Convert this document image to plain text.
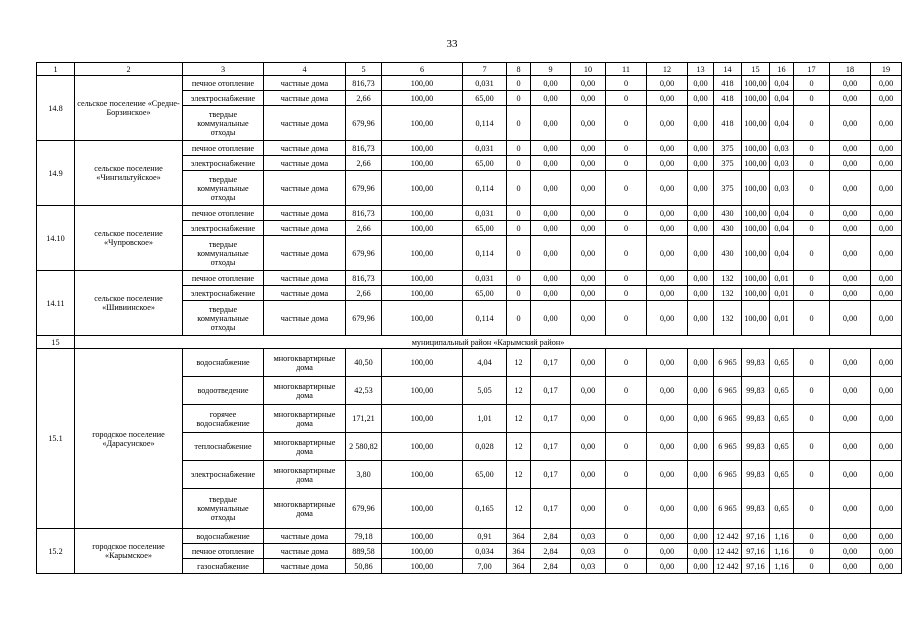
33
1	2	3	4	5	6	7	8	9	10	11	12	13	14	15	16	17	18	19
14.8	сельское поселение «Средне-Борзинское»	печное отопление	частные дома	816,73	100,00	0,031	0	0,00	0,00	0	0,00	0,00	418	100,00	0,04	0	0,00	0,00
		электроснабжение	частные дома	2,66	100,00	65,00	0	0,00	0,00	0	0,00	0,00	418	100,00	0,04	0	0,00	0,00
		твердые коммунальные отходы	частные дома	679,96	100,00	0,114	0	0,00	0,00	0	0,00	0,00	418	100,00	0,04	0	0,00	0,00
14.9	сельское поселение «Чингильтуйское»	печное отопление	частные дома	816,73	100,00	0,031	0	0,00	0,00	0	0,00	0,00	375	100,00	0,03	0	0,00	0,00
		электроснабжение	частные дома	2,66	100,00	65,00	0	0,00	0,00	0	0,00	0,00	375	100,00	0,03	0	0,00	0,00
		твердые коммунальные отходы	частные дома	679,96	100,00	0,114	0	0,00	0,00	0	0,00	0,00	375	100,00	0,03	0	0,00	0,00
14.10	сельское поселение «Чупровское»	печное отопление	частные дома	816,73	100,00	0,031	0	0,00	0,00	0	0,00	0,00	430	100,00	0,04	0	0,00	0,00
		электроснабжение	частные дома	2,66	100,00	65,00	0	0,00	0,00	0	0,00	0,00	430	100,00	0,04	0	0,00	0,00
		твердые коммунальные отходы	частные дома	679,96	100,00	0,114	0	0,00	0,00	0	0,00	0,00	430	100,00	0,04	0	0,00	0,00
14.11	сельское поселение «Шивиинское»	печное отопление	частные дома	816,73	100,00	0,031	0	0,00	0,00	0	0,00	0,00	132	100,00	0,01	0	0,00	0,00
		электроснабжение	частные дома	2,66	100,00	65,00	0	0,00	0,00	0	0,00	0,00	132	100,00	0,01	0	0,00	0,00
		твердые коммунальные отходы	частные дома	679,96	100,00	0,114	0	0,00	0,00	0	0,00	0,00	132	100,00	0,01	0	0,00	0,00
15	муниципальный район «Карымский район»																	
15.1	городское поселение «Дарасунское»	водоснабжение	многоквартирные дома	40,50	100,00	4,04	12	0,17	0,00	0	0,00	0,00	6 965	99,83	0,65	0	0,00	0,00
		водоотведение	многоквартирные дома	42,53	100,00	5,05	12	0,17	0,00	0	0,00	0,00	6 965	99,83	0,65	0	0,00	0,00
		горячее водоснабжение	многоквартирные дома	171,21	100,00	1,01	12	0,17	0,00	0	0,00	0,00	6 965	99,83	0,65	0	0,00	0,00
		теплоснабжение	многоквартирные дома	2 580,82	100,00	0,028	12	0,17	0,00	0	0,00	0,00	6 965	99,83	0,65	0	0,00	0,00
		электроснабжение	многоквартирные дома	3,80	100,00	65,00	12	0,17	0,00	0	0,00	0,00	6 965	99,83	0,65	0	0,00	0,00
		твердые коммунальные отходы	многоквартирные дома	679,96	100,00	0,165	12	0,17	0,00	0	0,00	0,00	6 965	99,83	0,65	0	0,00	0,00
15.2	городское поселение «Карымское»	водоснабжение	частные дома	79,18	100,00	0,91	364	2,84	0,03	0	0,00	0,00	12 442	97,16	1,16	0	0,00	0,00
		печное отопление	частные дома	889,58	100,00	0,034	364	2,84	0,03	0	0,00	0,00	12 442	97,16	1,16	0	0,00	0,00
		газоснабжение	частные дома	50,86	100,00	7,00	364	2,84	0,03	0	0,00	0,00	12 442	97,16	1,16	0	0,00	0,00
